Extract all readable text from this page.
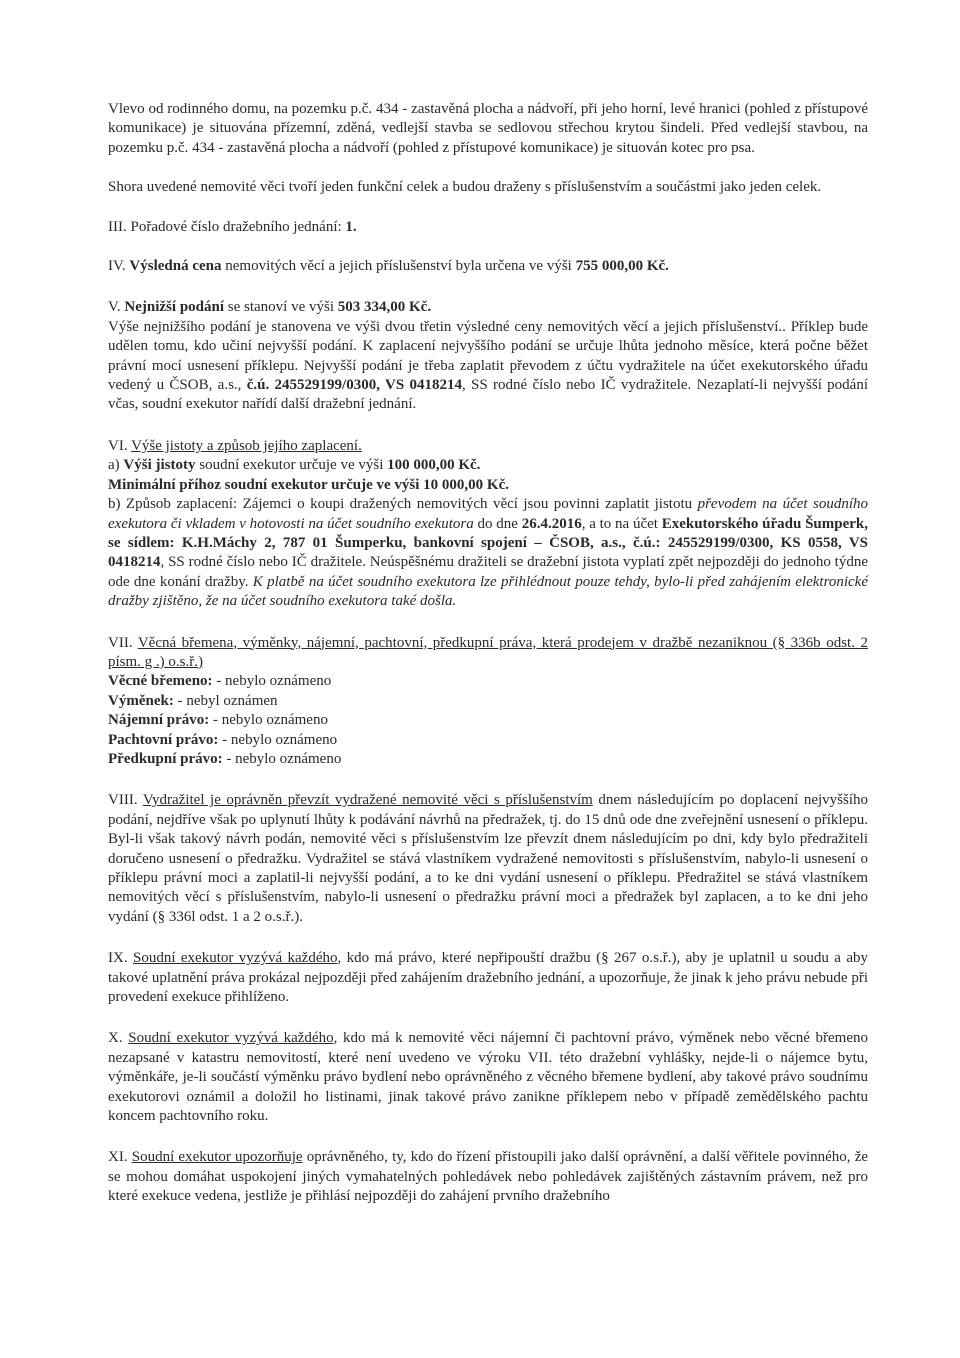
Vlevo od rodinného domu, na pozemku p.č. 434 - zastavěná plocha a nádvoří, při jeho horní, levé hranici (pohled z přístupové komunikace) je situována přízemní, zděná, vedlejší stavba se sedlovou střechou krytou šindeli. Před vedlejší stavbou, na pozemku p.č. 434 - zastavěná plocha a nádvoří (pohled z přístupové komunikace) je situován kotec pro psa.

Shora uvedené nemovité věci tvoří jeden funkční celek a budou draženy s příslušenstvím a součástmi jako jeden celek.

III. Pořadové číslo dražebního jednání: 1.

IV. Výsledná cena nemovitých věcí a jejich příslušenství byla určena ve výši 755 000,00 Kč.

V. Nejnižší podání se stanoví ve výši 503 334,00 Kč.
Výše nejnižšího podání je stanovena ve výši dvou třetin výsledné ceny nemovitých věcí a jejich příslušenství.. Příklep bude udělen tomu, kdo učiní nejvyšší podání. K zaplacení nejvyššího podání se určuje lhůta jednoho měsíce, která počne běžet právní mocí usnesení příklepu. Nejvyšší podání je třeba zaplatit převodem z účtu vydražitele na účet exekutorského úřadu vedený u ČSOB, a.s., č.ú. 245529199/0300, VS 0418214, SS rodné číslo nebo IČ vydražitele. Nezaplatí-li nejvyšší podání včas, soudní exekutor nařídí další dražební jednání.

VI. Výše jistoty a způsob jejího zaplacení.
a) Výši jistoty soudní exekutor určuje ve výši 100 000,00 Kč.
Minimální příhoz soudní exekutor určuje ve výši 10 000,00 Kč.
b) Způsob zaplacení: Zájemci o koupi dražených nemovitých věcí jsou povinni zaplatit jistotu převodem na účet soudního exekutora či vkladem v hotovosti na účet soudního exekutora do dne 26.4.2016, a to na účet Exekutorského úřadu Šumperk, se sídlem: K.H.Máchy 2, 787 01 Šumperku, bankovní spojení – ČSOB, a.s., č.ú.: 245529199/0300, KS 0558, VS 0418214, SS rodné číslo nebo IČ dražitele. Neúspěšnému dražiteli se dražební jistota vyplatí zpět nejpozději do jednoho týdne ode dne konání dražby. K platbě na účet soudního exekutora lze přihlédnout pouze tehdy, bylo-li před zahájením elektronické dražby zjištěno, že na účet soudního exekutora také došla.

VII. Věcná břemena, výměnky, nájemní, pachtovní, předkupní práva, která prodejem v dražbě nezaniknou (§ 336b odst. 2 písm. g .) o.s.ř.)
Věcné břemeno: - nebylo oznámeno
Výměnek: - nebyl oznámen
Nájemní právo: - nebylo oznámeno
Pachtovní právo: - nebylo oznámeno
Předkupní právo: - nebylo oznámeno

VIII. Vydražitel je oprávněn převzít vydražené nemovité věci s příslušenstvím dnem následujícím po doplacení nejvyššího podání, nejdříve však po uplynutí lhůty k podávání návrhů na předražek, tj. do 15 dnů ode dne zveřejnění usnesení o příklepu. Byl-li však takový návrh podán, nemovité věci s příslušenstvím lze převzít dnem následujícím po dni, kdy bylo předražiteli doručeno usnesení o předražku. Vydražitel se stává vlastníkem vydražené nemovitosti s příslušenstvím, nabylo-li usnesení o příklepu právní moci a zaplatil-li nejvyšší podání, a to ke dni vydání usnesení o příklepu. Předražitel se stává vlastníkem nemovitých věcí s příslušenstvím, nabylo-li usnesení o předražku právní moci a předražek byl zaplacen, a to ke dni jeho vydání (§ 336l odst. 1 a 2 o.s.ř.).

IX. Soudní exekutor vyzývá každého, kdo má právo, které nepřipouští dražbu (§ 267 o.s.ř.), aby je uplatnil u soudu a aby takové uplatnění práva prokázal nejpozději před zahájením dražebního jednání, a upozorňuje, že jinak k jeho právu nebude při provedení exekuce přihlíženo.

X. Soudní exekutor vyzývá každého, kdo má k nemovité věci nájemní či pachtovní právo, výměnek nebo věcné břemeno nezapsané v katastru nemovitostí, které není uvedeno ve výroku VII. této dražební vyhlášky, nejde-li o nájemce bytu, výměnkáře, je-li součástí výměnku právo bydlení nebo oprávněného z věcného břemene bydlení, aby takové právo soudnímu exekutorovi oznámil a doložil ho listinami, jinak takové právo zanikne příklepem nebo v případě zemědělského pachtu koncem pachtovního roku.

XI. Soudní exekutor upozorňuje oprávněného, ty, kdo do řízení přistoupili jako další oprávnění, a další věřitele povinného, že se mohou domáhat uspokojení jiných vymahatelných pohledávek nebo pohledávek zajištěných zástavním právem, než pro které exekuce vedena, jestliže je přihlásí nejpozději do zahájení prvního dražebního
